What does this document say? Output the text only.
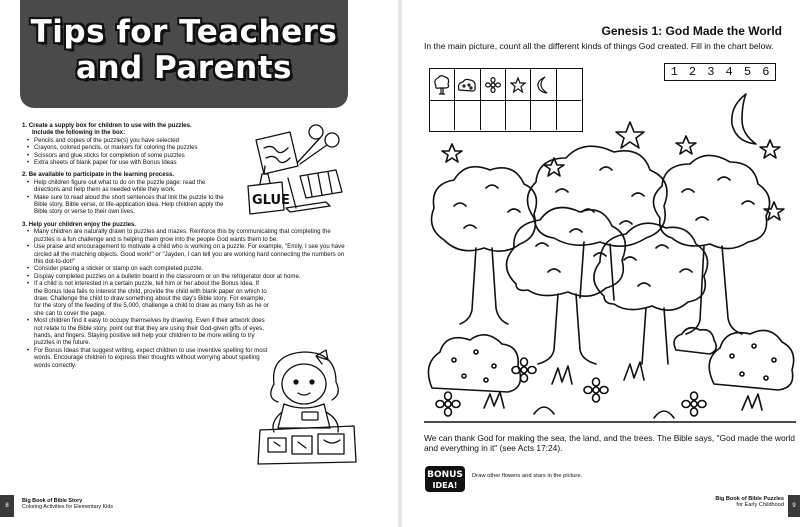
Tips for Teachers
and Parents
1. Create a supply box for children to use with the puzzles.
Include the following in the box:
• Pencils and copies of the puzzle(s) you have selected
• Crayons, colored pencils, or markers for coloring the puzzles
• Scissors and glue sticks for completion of some puzzles
• Extra sheets of blank paper for use with Bonus Ideas
2. Be available to participate in the learning process.
• Help children figure out what to do on the puzzle page: read the directions and help them as needed while they work.
• Make sure to read aloud the short sentences that link the puzzle to the Bible story, Bible verse, or life-application idea. Help children apply the Bible story or verse to their own lives.
3. Help your children enjoy the puzzles.
• Many children are naturally drawn to puzzles and mazes. Reinforce this by communicating that completing the puzzles is a fun challenge and is helping them grow into the people God wants them to be.
• Use praise and encouragement to motivate a child who is working on a puzzle. For example, "Emily, I see you have circled all the matching objects. Good work!" or "Jayden, I can tell you are working hard connecting the numbers on this dot-to-dot!"
• Consider placing a sticker or stamp on each completed puzzle.
• Display completed puzzles on a bulletin board in the classroom or on the refrigerator door at home.
• If a child is not interested in a certain puzzle, tell him or her about the Bonus Idea. If the Bonus Idea fails to interest the child, provide the child with blank paper on which to draw. Challenge the child to draw something about the day's Bible story. For example, for the story of the feeding of the 5,000, challenge a child to draw as many fish as he or she can to cover the page.
• Most children find it easy to occupy themselves by drawing. Even if their artwork does not relate to the Bible story, point out that they are using their God-given gifts of eyes, hands, and fingers. Staying positive will help your children to be more willing to try puzzles in the future.
• For Bonus Ideas that suggest writing, expect children to use inventive spelling for most words. Encourage children to express their thoughts without worrying about spelling words correctly.
GLUE
8
Big Book of Bible Story
Coloring Activities for Elementary Kids
Genesis 1: God Made the World
In the main picture, count all the different kinds of things God created. Fill in the chart below.
1 2 3 4 5 6
We can thank God for making the sea, the land, and the trees. The Bible says, "God made the world and everything in it" (see Acts 17:24).
BONUS
IDEA!
Draw other flowers and stars in the picture.
Big Book of Bible Puzzles
for Early Childhood	9
